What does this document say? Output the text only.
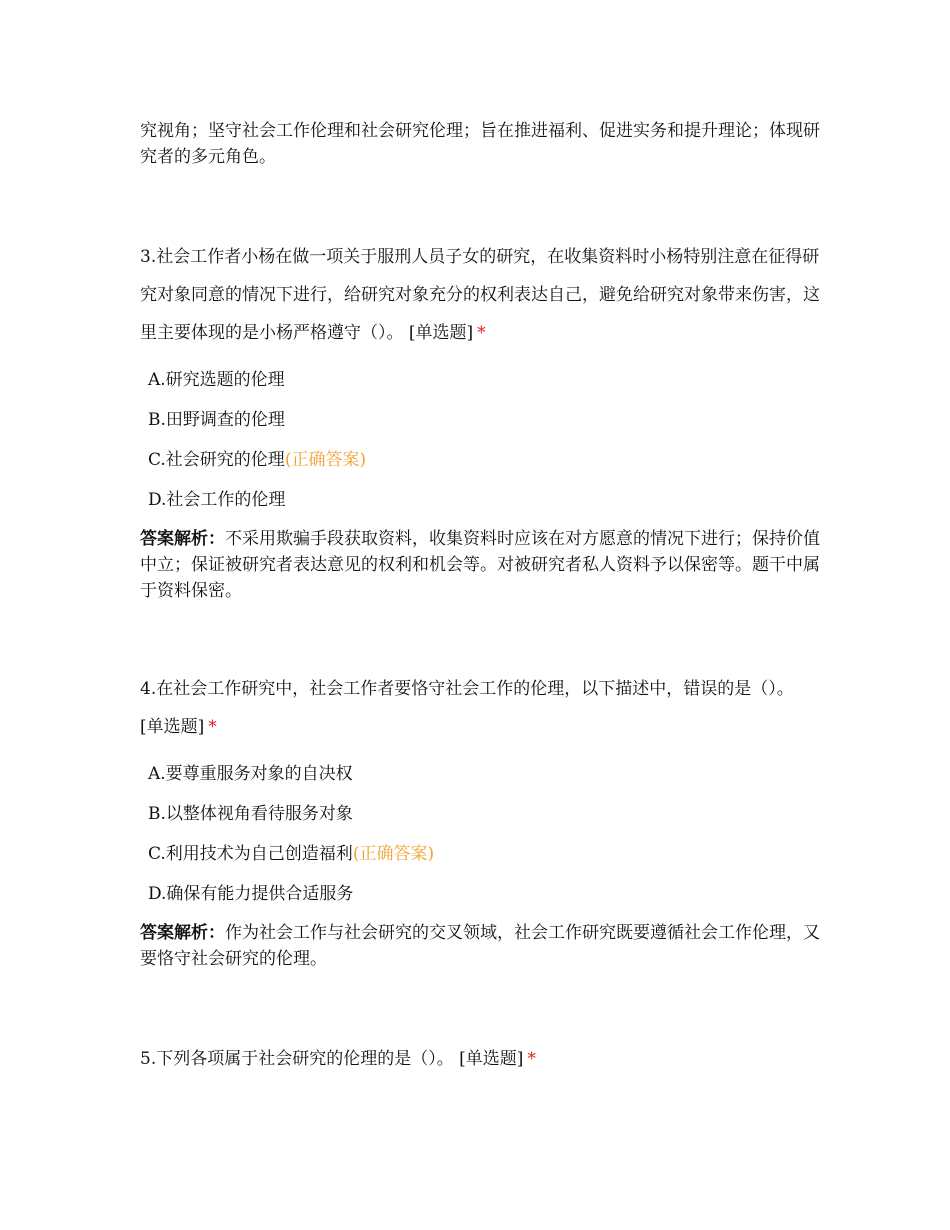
究视角；坚守社会工作伦理和社会研究伦理；旨在推进福利、促进实务和提升理论；体现研究者的多元角色。
3.社会工作者小杨在做一项关于服刑人员子女的研究，在收集资料时小杨特别注意在征得研究对象同意的情况下进行，给研究对象充分的权利表达自己，避免给研究对象带来伤害，这里主要体现的是小杨严格遵守（）。 [单选题] *
A.研究选题的伦理
B.田野调查的伦理
C.社会研究的伦理(正确答案)
D.社会工作的伦理
答案解析：不采用欺骗手段获取资料，收集资料时应该在对方愿意的情况下进行；保持价值中立；保证被研究者表达意见的权利和机会等。对被研究者私人资料予以保密等。题干中属于资料保密。
4.在社会工作研究中，社会工作者要恪守社会工作的伦理，以下描述中，错误的是（）。 [单选题] *
A.要尊重服务对象的自决权
B.以整体视角看待服务对象
C.利用技术为自己创造福利(正确答案)
D.确保有能力提供合适服务
答案解析：作为社会工作与社会研究的交叉领域，社会工作研究既要遵循社会工作伦理，又要恪守社会研究的伦理。
5.下列各项属于社会研究的伦理的是（）。 [单选题] *
